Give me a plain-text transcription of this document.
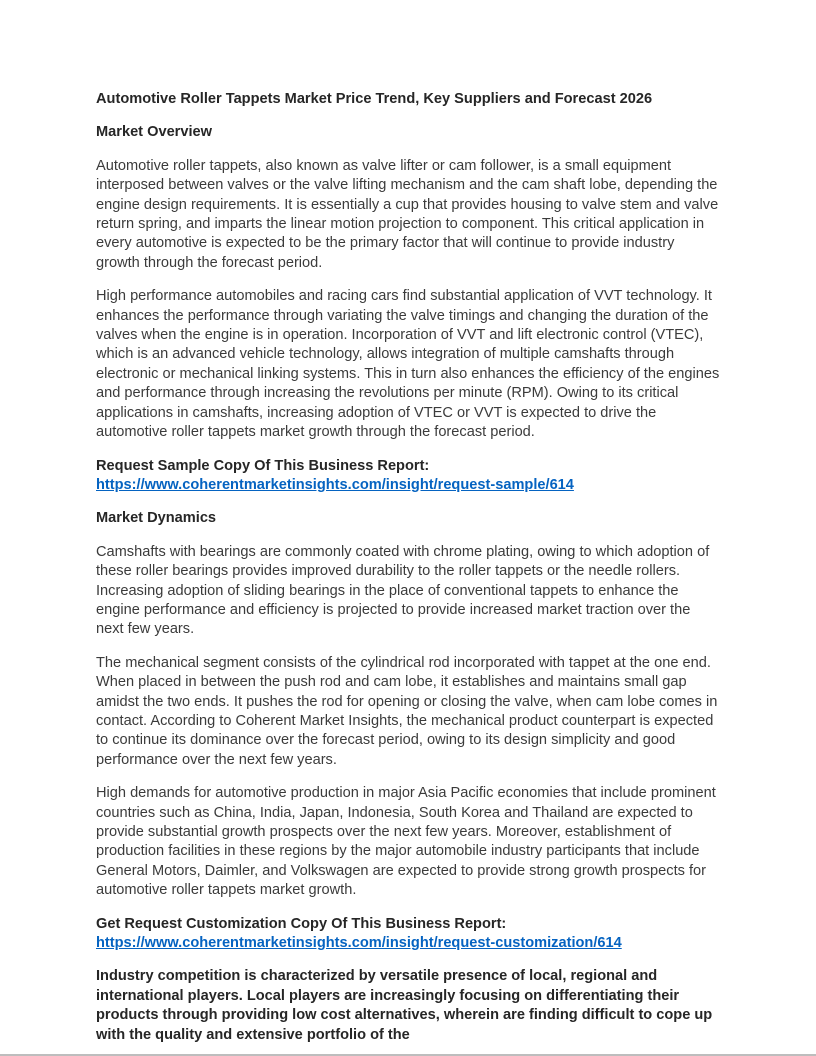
Automotive Roller Tappets Market Price Trend, Key Suppliers and Forecast 2026
Market Overview
Automotive roller tappets, also known as valve lifter or cam follower, is a small equipment interposed between valves or the valve lifting mechanism and the cam shaft lobe, depending the engine design requirements. It is essentially a cup that provides housing to valve stem and valve return spring, and imparts the linear motion projection to component. This critical application in every automotive is expected to be the primary factor that will continue to provide industry growth through the forecast period.
High performance automobiles and racing cars find substantial application of VVT technology. It enhances the performance through variating the valve timings and changing the duration of the valves when the engine is in operation. Incorporation of VVT and lift electronic control (VTEC), which is an advanced vehicle technology, allows integration of multiple camshafts through electronic or mechanical linking systems. This in turn also enhances the efficiency of the engines and performance through increasing the revolutions per minute (RPM). Owing to its critical applications in camshafts, increasing adoption of VTEC or VVT is expected to drive the automotive roller tappets market growth through the forecast period.
Request Sample Copy Of This Business Report:
https://www.coherentmarketinsights.com/insight/request-sample/614
Market Dynamics
Camshafts with bearings are commonly coated with chrome plating, owing to which adoption of these roller bearings provides improved durability to the roller tappets or the needle rollers. Increasing adoption of sliding bearings in the place of conventional tappets to enhance the engine performance and efficiency is projected to provide increased market traction over the next few years.
The mechanical segment consists of the cylindrical rod incorporated with tappet at the one end. When placed in between the push rod and cam lobe, it establishes and maintains small gap amidst the two ends. It pushes the rod for opening or closing the valve, when cam lobe comes in contact. According to Coherent Market Insights, the mechanical product counterpart is expected to continue its dominance over the forecast period, owing to its design simplicity and good performance over the next few years.
High demands for automotive production in major Asia Pacific economies that include prominent countries such as China, India, Japan, Indonesia, South Korea and Thailand are expected to provide substantial growth prospects over the next few years. Moreover, establishment of production facilities in these regions by the major automobile industry participants that include General Motors, Daimler, and Volkswagen are expected to provide strong growth prospects for automotive roller tappets market growth.
Get Request Customization Copy Of This Business Report:
https://www.coherentmarketinsights.com/insight/request-customization/614
Industry competition is characterized by versatile presence of local, regional and international players. Local players are increasingly focusing on differentiating their products through providing low cost alternatives, wherein are finding difficult to cope up with the quality and extensive portfolio of the
